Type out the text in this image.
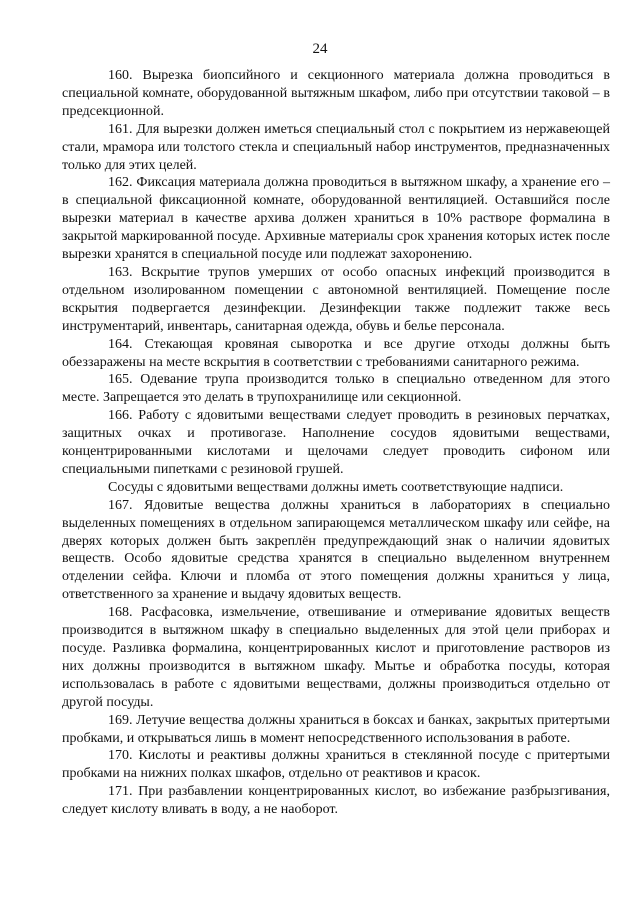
24

160. Вырезка биопсийного и секционного материала должна проводиться в специальной комнате, оборудованной вытяжным шкафом, либо при отсутствии таковой – в предсекционной.

161. Для вырезки должен иметься специальный стол с покрытием из нержавеющей стали, мрамора или толстого стекла и специальный набор инструментов, предназначенных только для этих целей.

162. Фиксация материала должна проводиться в вытяжном шкафу, а хранение его – в специальной фиксационной комнате, оборудованной вентиляцией. Оставшийся после вырезки материал в качестве архива должен храниться в 10% растворе формалина в закрытой маркированной посуде. Архивные материалы срок хранения которых истек после вырезки хранятся в специальной посуде или подлежат захоронению.

163. Вскрытие трупов умерших от особо опасных инфекций производится в отдельном изолированном помещении с автономной вентиляцией. Помещение после вскрытия подвергается дезинфекции. Дезинфекции также подлежит также весь инструментарий, инвентарь, санитарная одежда, обувь и белье персонала.

164. Стекающая кровяная сыворотка и все другие отходы должны быть обеззаражены на месте вскрытия в соответствии с требованиями санитарного режима.

165. Одевание трупа производится только в специально отведенном для этого месте. Запрещается это делать в трупохранилище или секционной.

166. Работу с ядовитыми веществами следует проводить в резиновых перчатках, защитных очках и противогазе. Наполнение сосудов ядовитыми веществами, концентрированными кислотами и щелочами следует проводить сифоном или специальными пипетками с резиновой грушей.

Сосуды с ядовитыми веществами должны иметь соответствующие надписи.

167. Ядовитые вещества должны храниться в лабораториях в специально выделенных помещениях в отдельном запирающемся металлическом шкафу или сейфе, на дверях которых должен быть закреплён предупреждающий знак о наличии ядовитых веществ. Особо ядовитые средства хранятся в специально выделенном внутреннем отделении сейфа. Ключи и пломба от этого помещения должны храниться у лица, ответственного за хранение и выдачу ядовитых веществ.

168. Расфасовка, измельчение, отвешивание и отмеривание ядовитых веществ производится в вытяжном шкафу в специально выделенных для этой цели приборах и посуде. Разливка формалина, концентрированных кислот и приготовление растворов из них должны производится в вытяжном шкафу. Мытье и обработка посуды, которая использовалась в работе с ядовитыми веществами, должны производиться отдельно от другой посуды.

169. Летучие вещества должны храниться в боксах и банках, закрытых притертыми пробками, и открываться лишь в момент непосредственного использования в работе.

170. Кислоты и реактивы должны храниться в стеклянной посуде с притертыми пробками на нижних полках шкафов, отдельно от реактивов и красок.

171. При разбавлении концентрированных кислот, во избежание разбрызгивания, следует кислоту вливать в воду, а не наоборот.
